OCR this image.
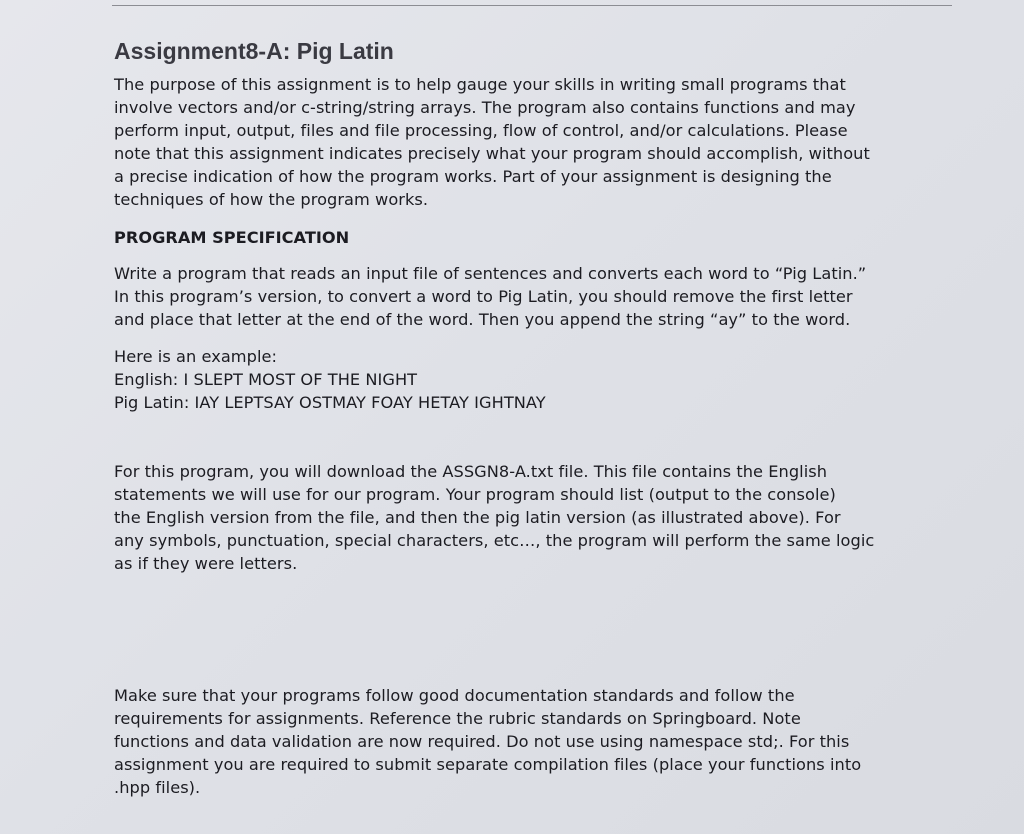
Assignment8-A: Pig Latin

The purpose of this assignment is to help gauge your skills in writing small programs that
involve vectors and/or c-string/string arrays. The program also contains functions and may
perform input, output, files and file processing, flow of control, and/or calculations. Please
note that this assignment indicates precisely what your program should accomplish, without
a precise indication of how the program works. Part of your assignment is designing the
techniques of how the program works.

PROGRAM SPECIFICATION

Write a program that reads an input file of sentences and converts each word to “Pig Latin.”
In this program’s version, to convert a word to Pig Latin, you should remove the first letter
and place that letter at the end of the word. Then you append the string “ay” to the word.

Here is an example:
English: I SLEPT MOST OF THE NIGHT
Pig Latin: IAY LEPTSAY OSTMAY FOAY HETAY IGHTNAY

For this program, you will download the ASSGN8-A.txt file. This file contains the English
statements we will use for our program. Your program should list (output to the console)
the English version from the file, and then the pig latin version (as illustrated above). For
any symbols, punctuation, special characters, etc…, the program will perform the same logic
as if they were letters.

Make sure that your programs follow good documentation standards and follow the
requirements for assignments. Reference the rubric standards on Springboard. Note
functions and data validation are now required. Do not use using namespace std;. For this
assignment you are required to submit separate compilation files (place your functions into
.hpp files).
